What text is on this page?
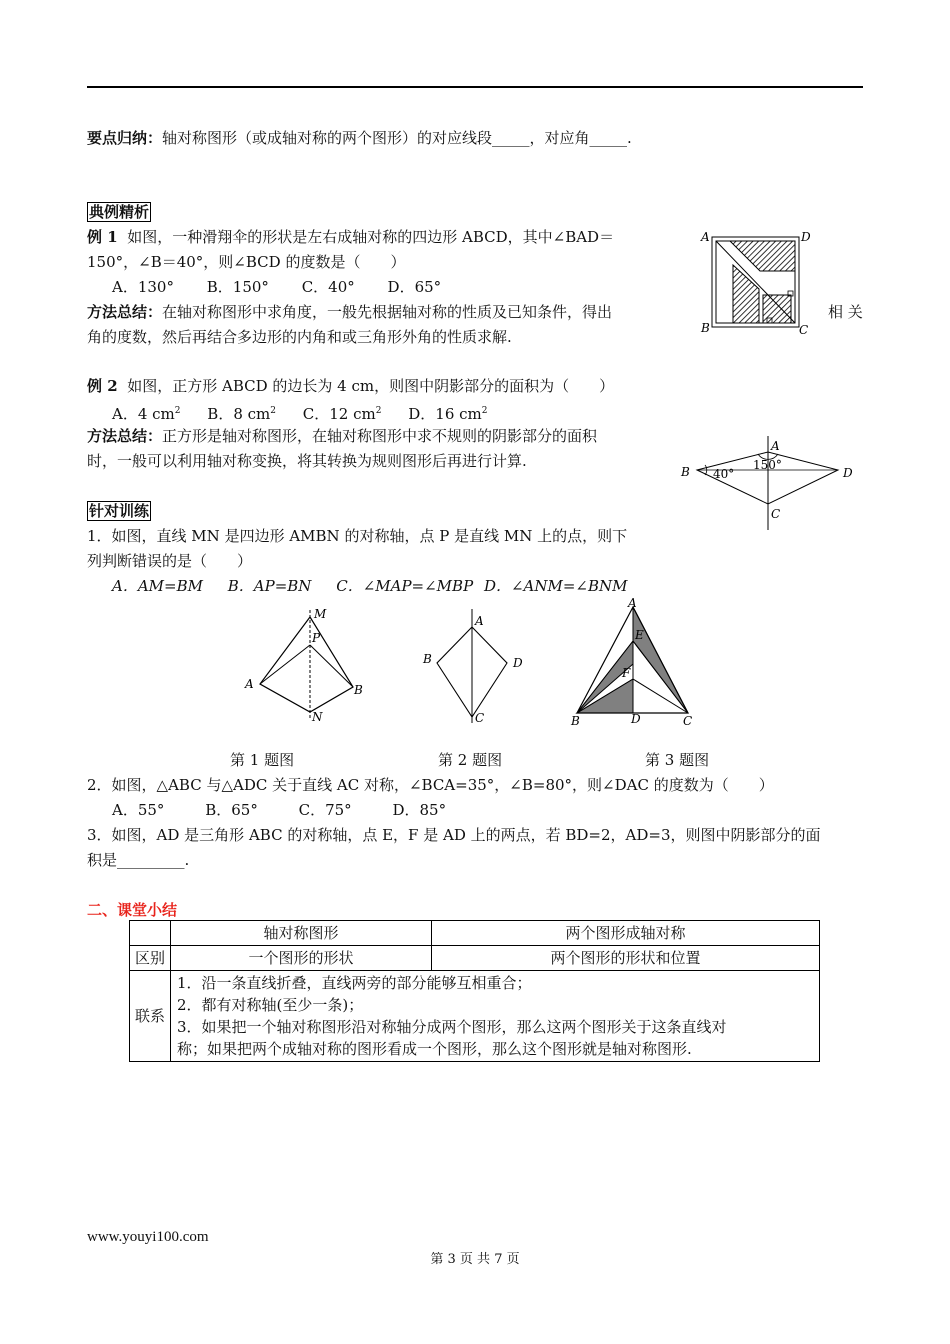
要点归纳：轴对称图形（或成轴对称的两个图形）的对应线段_____，对应角_____.
典例精析
例 1 如图，一种滑翔伞的形状是左右成轴对称的四边形 ABCD，其中∠BAD＝
150°，∠B＝40°，则∠BCD 的度数是（　　）
A．130° B．150° C．40° D．65°
方法总结：在轴对称图形中求角度，一般先根据轴对称的性质及已知条件，得出	相 关
角的度数，然后再结合多边形的内角和或三角形外角的性质求解.
A	D
B	C
例 2 如图，正方形 ABCD 的边长为 4 cm，则图中阴影部分的面积为（　　）
A．4 $cm^2$ B．8 $cm^2$ C．12 $cm^2$ D．16 $cm^2$
方法总结：正方形是轴对称图形，在轴对称图形中求不规则的阴影部分的面积
时，一般可以利用轴对称变换，将其转换为规则图形后再进行计算.
A
B
C
D
40°
150°
针对训练
1．如图，直线 MN 是四边形 AMBN 的对称轴，点 P 是直线 MN 上的点，则下
列判断错误的是（　　）
A．AM=BM B．AP=BN C．∠MAP=∠MBP D．∠ANM=∠BNM
M
P
A	B
N
A
B	D
C
A
E
F
B	D	C
第 1 题图	第 2 题图	第 3 题图
2．如图，△ABC 与△ADC 关于直线 AC 对称，∠BCA=35°，∠B=80°，则∠DAC 的度数为（　　）
A．55°	B．65°	C．75°	D．85°
3．如图，AD 是三角形 ABC 的对称轴，点 E，F 是 AD 上的两点，若 BD=2，AD=3，则图中阴影部分的面
积是_________.
二、课堂小结
	轴对称图形	两个图形成轴对称
区别	一个图形的形状	两个图形的形状和位置
联系	1．沿一条直线折叠，直线两旁的部分能够互相重合；
2．都有对称轴(至少一条)；
3．如果把一个轴对称图形沿对称轴分成两个图形，那么这两个图形关于这条直线对
称；如果把两个成轴对称的图形看成一个图形，那么这个图形就是轴对称图形.	
www.youyi100.com
第 3 页 共 7 页
